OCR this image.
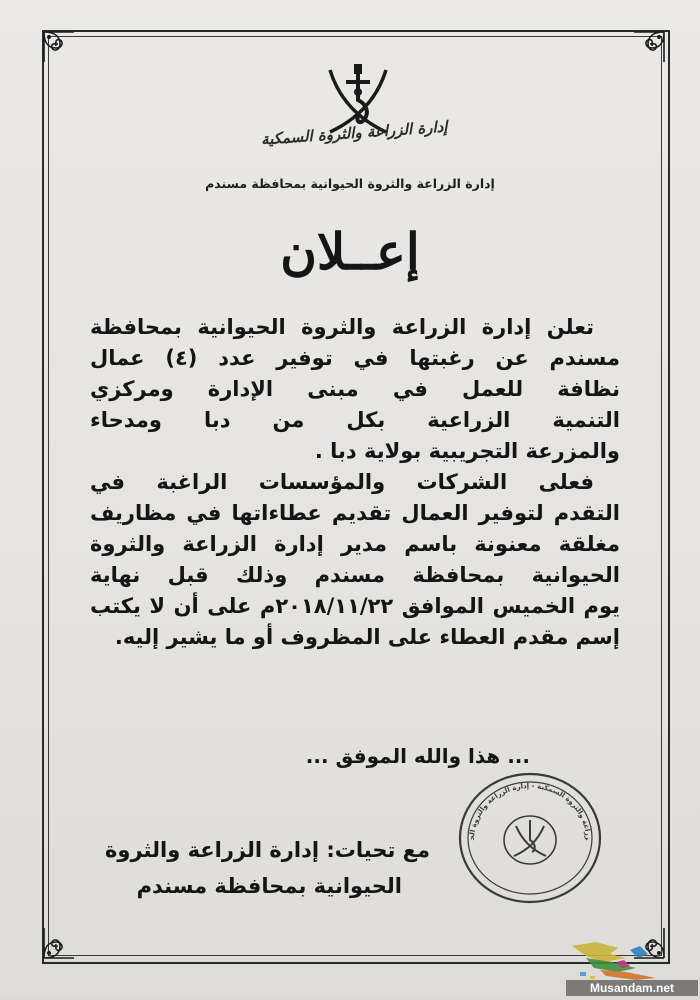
إدارة الزراعة والثروة السمكية
إدارة الزراعة والثروة الحيوانية بمحافظة مسندم
إعــلان
تعلن إدارة الزراعة والثروة الحيوانية بمحافظة
مسندم عن رغبتها في توفير عدد (٤) عمال
نظافة للعمل في مبنى الإدارة ومركزي
التنمية الزراعية بكل من دبا ومدحاء
والمزرعة التجريبية بولاية دبا .
فعلى الشركات والمؤسسات الراغبة في
التقدم لتوفير العمال تقديم عطاءاتها في مظاريف
مغلقة معنونة باسم مدير إدارة الزراعة والثروة
الحيوانية بمحافظة مسندم وذلك قبل نهاية
يوم الخميس الموافق ٢٠١٨/١١/٢٢م على أن لا يكتب
إسم مقدم العطاء على المظروف أو ما يشير إليه.
... هذا والله الموفق ...
مع تحيات: إدارة الزراعة والثروة
الحيوانية بمحافظة مسندم
زراعة والثروة السمكية - إدارة الزراعة والثروة الح
Musandam.net
